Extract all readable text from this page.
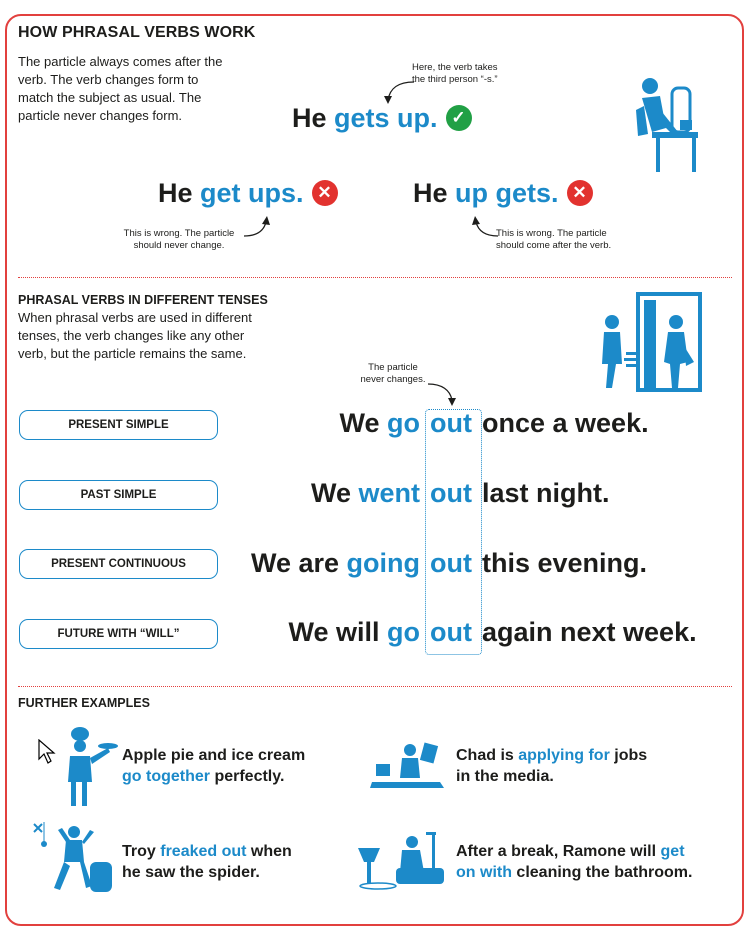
HOW PHRASAL VERBS WORK
The particle always comes after the
verb. The verb changes form to
match the subject as usual. The
particle never changes form.
Here, the verb takes
the third person “-s.”
He gets up. ✓
He get ups. ✕	He up gets. ✕
This is wrong. The particle
should never change.
This is wrong. The particle
should come after the verb.
PHRASAL VERBS IN DIFFERENT TENSES
When phrasal verbs are used in different
tenses, the verb changes like any other
verb, but the particle remains the same.
The particle
never changes.
PRESENT SIMPLE
PAST SIMPLE
PRESENT CONTINUOUS
FUTURE WITH “WILL”
We go out once a week.
We went out last night.
We are going out this evening.
We will go out again next week.
FURTHER EXAMPLES
Apple pie and ice cream
go together perfectly.
Chad is applying for jobs
in the media.
Troy freaked out when
he saw the spider.
After a break, Ramone will get
on with cleaning the bathroom.
